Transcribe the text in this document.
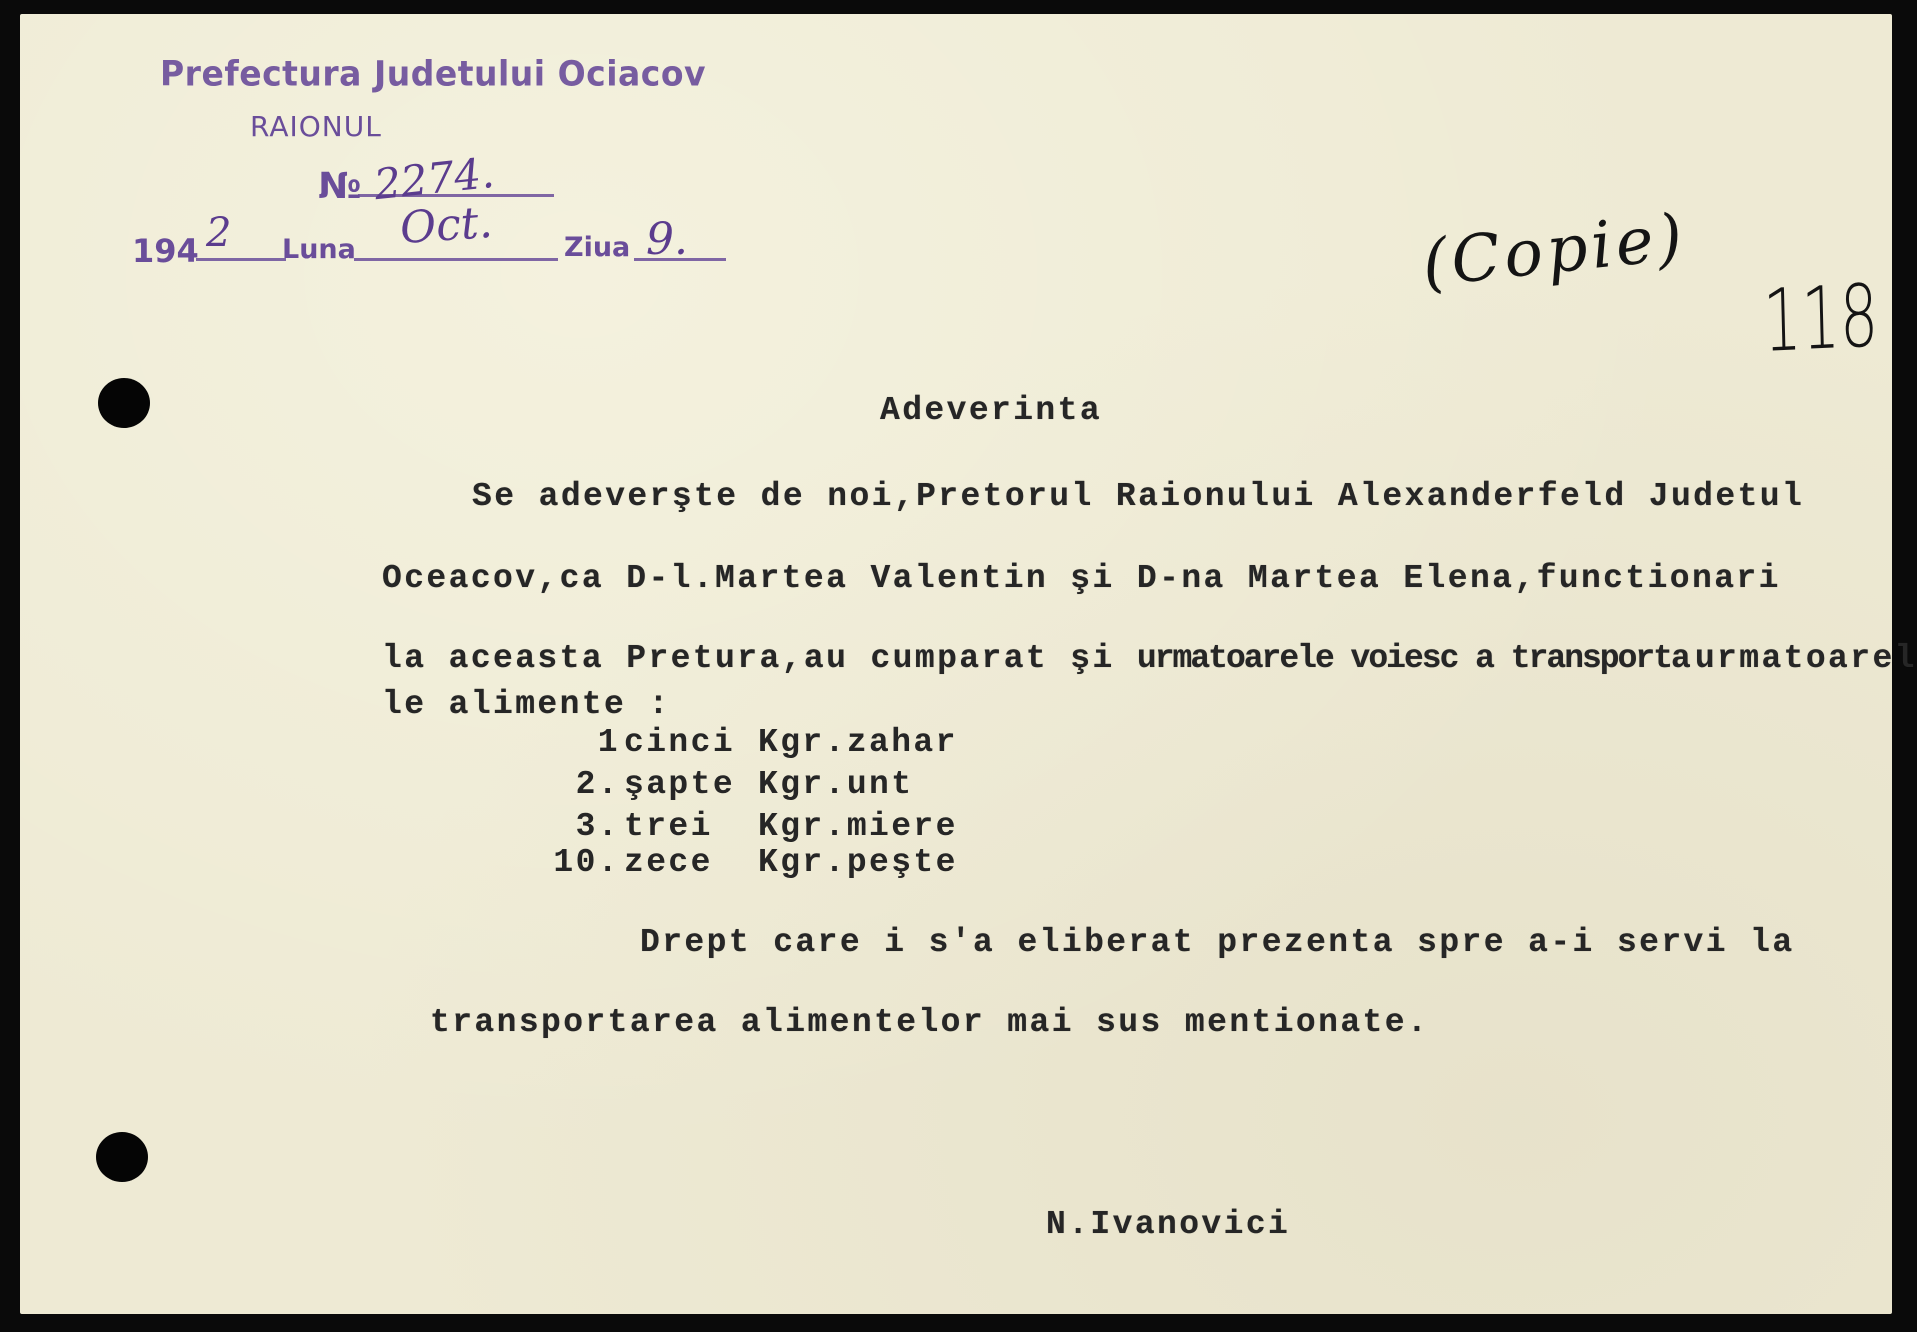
Prefectura Judetului Ociacov
RAIONUL
№
194	Luna	Ziua
2274.
2	Oct.	9.	(Copie)
118
Adeverinta
Se adeverşte de noi,Pretorul Raionului Alexanderfeld Judetul
Oceacov,ca D-l.Martea Valentin şi D-na Martea Elena,functionari
la aceasta Pretura,au cumparat şi urmatoarele voiesc a transporta urmatoarel
le alimente :
1 cinci Kgr.zahar
2. şapte Kgr.unt
3. trei Kgr.miere
10. zece Kgr.peşte
Drept care i s'a eliberat prezenta spre a-i servi la
transportarea alimentelor mai sus mentionate.
N.Ivanovici
